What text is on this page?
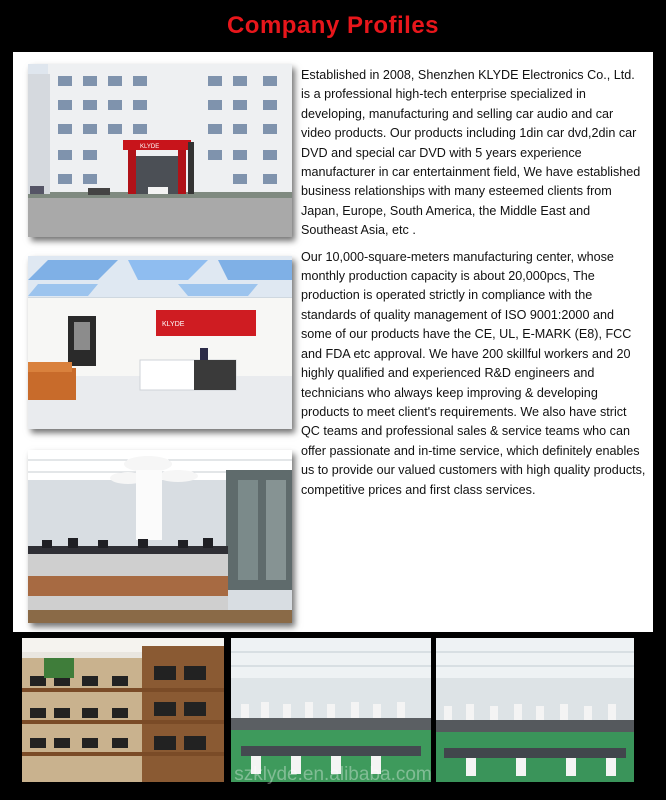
Company Profiles
KLYDE
KLYDE

Established in 2008, Shenzhen KLYDE Electronics Co., Ltd. is a professional high-tech enterprise specialized in developing, manufacturing and selling car audio and car video products. Our products including 1din car dvd,2din car DVD and special car DVD with 5 years experience manufacturer in car entertainment field, We have established business relationships with many esteemed clients from Japan, Europe, South America, the Middle East and Southeast Asia, etc .

Our 10,000-square-meters manufacturing center, whose monthly production capacity is about 20,000pcs, The production is operated strictly in compliance with the standards of quality management of ISO 9001:2000 and some of our products have the CE, UL, E-MARK (E8), FCC and FDA etc approval. We have 200 skillful workers and 20 highly qualified and experienced R&D engineers and technicians who always keep improving & developing products to meet client's requirements. We also have strict QC teams and professional sales & service teams who can offer passionate and in-time service, which definitely enables us to provide our valued customers with high quality products, competitive prices and first class services.

szklyde.en.alibaba.com
